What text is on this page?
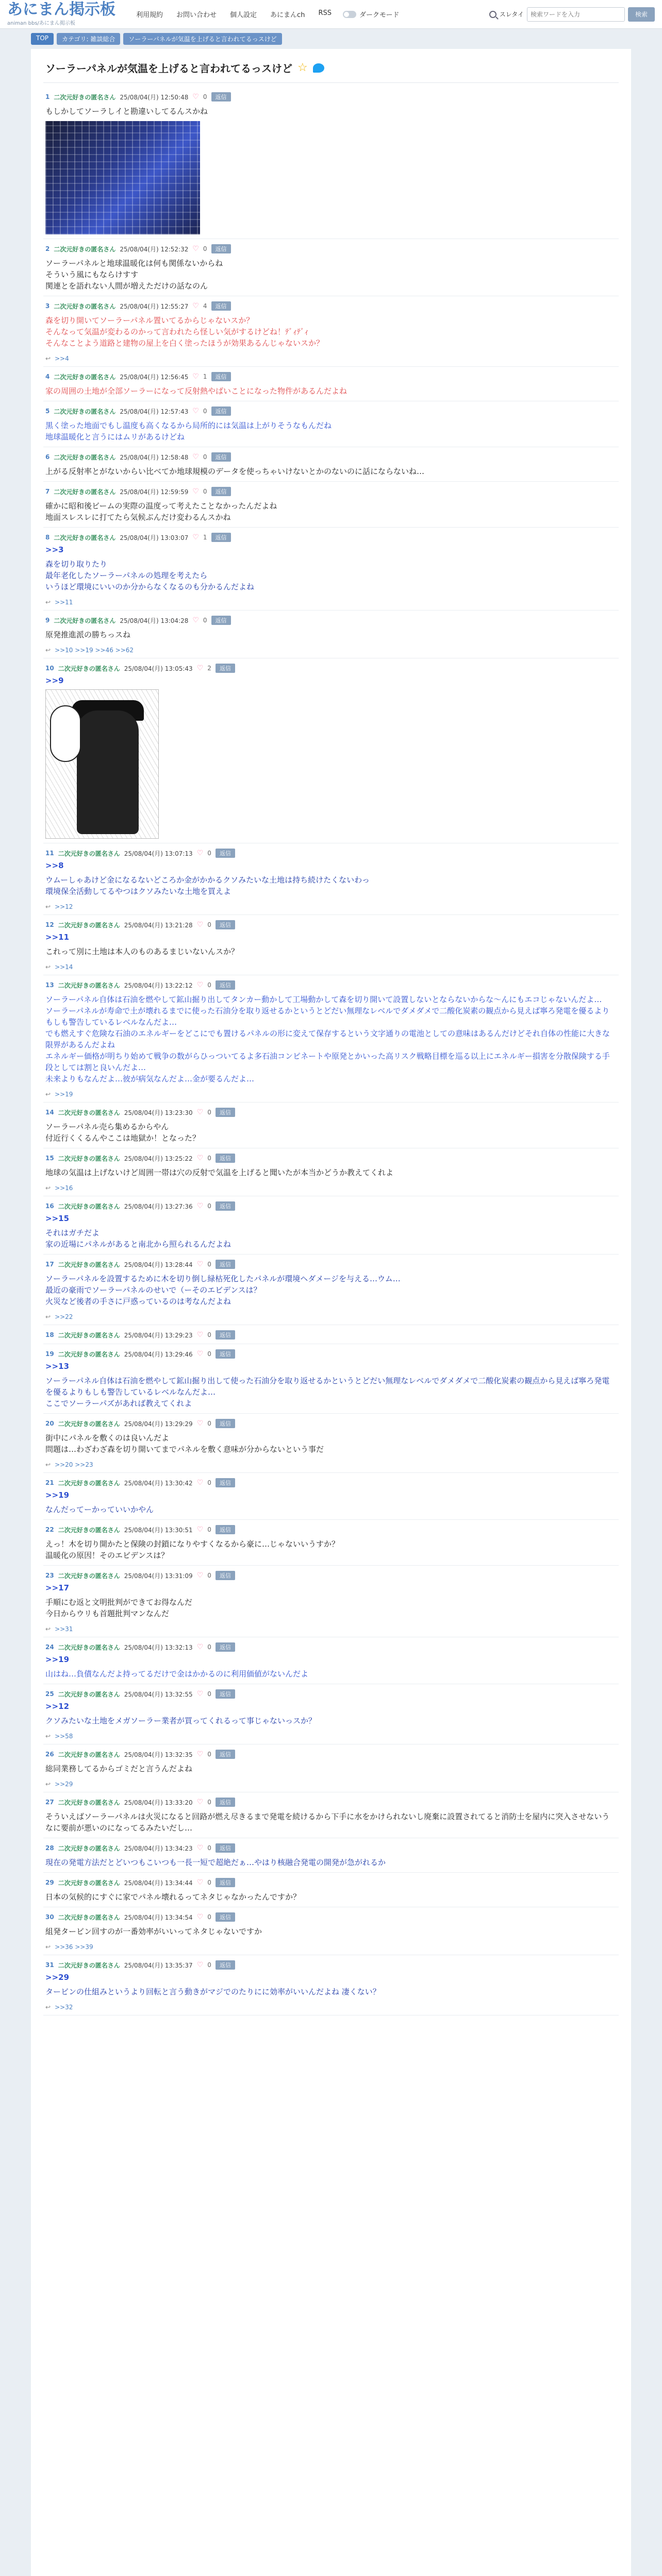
あにまん掲示板
animan bbs/あにまん掲示板
利用規約 お問い合わせ 個人設定 あにまんch RSS	ダークモード	スレタイ
検索ワードを入力	検索
TOP	カテゴリ: 雑談総合	ソーラーパネルが気温を上げると言われてるっスけど
ソーラーパネルが気温を上げると言われてるっスけど ☆
1 二次元好きの匿名さん 25/08/04(月) 12:50:48 ♡ 0	返信
もしかしてソーラしイと勘違いしてるんスかね
2 二次元好きの匿名さん 25/08/04(月) 12:52:32 ♡ 0	返信
ソーラーパネルと地球温暖化は何も関係ないからね
そういう風にもならけすす
関連とを語れない人間が増えただけの話なのん
3 二次元好きの匿名さん 25/08/04(月) 12:55:27 ♡ 4	返信
森を切り開いてソーラーパネル置いてるからじゃないスか？
そんなって気温が変わるのかって言われたら怪しい気がするけどね！ﾃﾞｨﾃﾞｨ
そんなことよう道路と建物の屋上を白く塗ったほうが効果あるんじゃないスか？
↩ >>4
4 二次元好きの匿名さん 25/08/04(月) 12:56:45 ♡ 1	返信
家の周囲の土地が全部ソーラーになって反射熱やばいことになった物件があるんだよね
5 二次元好きの匿名さん 25/08/04(月) 12:57:43 ♡ 0	返信
黒く塗った地面でもし温度も高くなるから局所的には気温は上がりそうなもんだね
地球温暖化と言うにはムリがあるけどね
6 二次元好きの匿名さん 25/08/04(月) 12:58:48 ♡ 0	返信
上がる反射率とがないからい比べてか地球規模のデータを使っちゃいけないとかのないのに話にならないね…
7 二次元好きの匿名さん 25/08/04(月) 12:59:59 ♡ 0	返信
確かに昭和後ビームの実際の温度って考えたことなかったんだよね
地面スレスレに打てたら気候ぶんだけ変わるんスかね
8 二次元好きの匿名さん 25/08/04(月) 13:03:07 ♡ 1	返信
>>3
森を切り取りたり
最年老化したソーラーパネルの処理を考えたら
いうほど環境にいいのか分からなくなるのも分かるんだよね
↩ >>11
9 二次元好きの匿名さん 25/08/04(月) 13:04:28 ♡ 0	返信
原発推進派の勝ちっスね
↩ >>10 >>19 >>46 >>62
10 二次元好きの匿名さん 25/08/04(月) 13:05:43 ♡ 2	返信
>>9
11 二次元好きの匿名さん 25/08/04(月) 13:07:13 ♡ 0	返信
>>8
ウムーしゃあけど金になるないどころか金がかかるクソみたいな土地は持ち続けたくないわっ
環境保全活動してるやつはクソみたいな土地を買えよ
↩ >>12
12 二次元好きの匿名さん 25/08/04(月) 13:21:28 ♡ 0	返信
>>11
これって別に土地は本人のものあるまじいないんスか？
↩ >>14
13 二次元好きの匿名さん 25/08/04(月) 13:22:12 ♡ 0	返信
ソーラーパネル自体は石油を燃やして鉱山掘り出してタンカー動かして工場動かして森を切り開いて設置しないとならないからな〜んにもエコじゃないんだよ…
ソーラーパネルが寿命で土が壊れるまでに使った石油分を取り返せるかというとどだい無理なレベルでダメダメで二酸化炭素の観点から見えば寧ろ発電を優るよりもしも警告しているレベルなんだよ…
でも燃えすぐ危険な石油のエネルギーをどこにでも置けるパネルの形に変えて保存するという文字通りの電池としての意味はあるんだけどそれ自体の性能に大きな限界があるんだよね
エネルギー価格が明ちり始めて戦争の数がらひっついてるよ多石油コンピネートや原発とかいった高リスク戦略目標を巡る以上にエネルギー損害を分散保険する手段としては割と良いんだよ…
未来よりもなんだよ…彼が病気なんだよ…金が要るんだよ…
↩ >>19
14 二次元好きの匿名さん 25/08/04(月) 13:23:30 ♡ 0	返信
ソーラーパネル売ら集めるからやん
付近行くくるんやここは地獄か！となった？
15 二次元好きの匿名さん 25/08/04(月) 13:25:22 ♡ 0	返信
地球の気温は上げないけど周囲一帯は穴の反射で気温を上げると聞いたが本当かどうか教えてくれよ
↩ >>16
16 二次元好きの匿名さん 25/08/04(月) 13:27:36 ♡ 0	返信
>>15
それはガチだよ
家の近場にパネルがあると南北から照られるんだよね
17 二次元好きの匿名さん 25/08/04(月) 13:28:44 ♡ 0	返信
ソーラーパネルを設置するために木を切り倒し緑枯死化したパネルが環境ヘダメージを与える…ウム…
最近の豪雨でソーラーパネルのせいで（ーそのエビデンスは？
火災など後者の手さに戸惑っているのは考なんだよね
↩ >>22
18 二次元好きの匿名さん 25/08/04(月) 13:29:23 ♡ 0	返信
19 二次元好きの匿名さん 25/08/04(月) 13:29:46 ♡ 0	返信
>>13
ソーラーパネル自体は石油を燃やして鉱山掘り出して使った石油分を取り返せるかというとどだい無理なレベルでダメダメで二酸化炭素の観点から見えば寧ろ発電を優るよりもしも警告しているレベルなんだよ…
ここでソーラーパズがあれば教えてくれよ
20 二次元好きの匿名さん 25/08/04(月) 13:29:29 ♡ 0	返信
街中にパネルを敷くのは良いんだよ
問題は…わざわざ森を切り開いてまでパネルを敷く意味が分からないという事だ
↩ >>20 >>23
21 二次元好きの匿名さん 25/08/04(月) 13:30:42 ♡ 0	返信
>>19
なんだってーかっていいかやん
22 二次元好きの匿名さん 25/08/04(月) 13:30:51 ♡ 0	返信
えっ！木を切り開かたと保険の封鎖になりやすくなるから豪に…じゃないいうすか？
温暖化の原因！そのエビデンスは？
23 二次元好きの匿名さん 25/08/04(月) 13:31:09 ♡ 0	返信
>>17
手順にむ返と文明批判ができてお得なんだ
今日からウリも首題批判マンなんだ
↩ >>31
24 二次元好きの匿名さん 25/08/04(月) 13:32:13 ♡ 0	返信
>>19
山はね…負債なんだよ持ってるだけで金はかかるのに利用価値がないんだよ
25 二次元好きの匿名さん 25/08/04(月) 13:32:55 ♡ 0	返信
>>12
クソみたいな土地をメガソーラー業者が買ってくれるって事じゃないっスか？
↩ >>58
26 二次元好きの匿名さん 25/08/04(月) 13:32:35 ♡ 0	返信
総同業務してるからゴミだと言うんだよね
↩ >>29
27 二次元好きの匿名さん 25/08/04(月) 13:33:20 ♡ 0	返信
そういえばソーラーパネルは火災になると回路が燃え尽きるまで発電を続けるから下手に水をかけられないし廃棄に設置されてると消防士を屋内に突入させないうなに要前が悪いのになってるみたいだし…
28 二次元好きの匿名さん 25/08/04(月) 13:34:23 ♡ 0	返信
現在の発電方法だとどいつもこいつも一長一短で超絶だぁ…やはり核融合発電の開発が急がれるか
29 二次元好きの匿名さん 25/08/04(月) 13:34:44 ♡ 0	返信
日本の気候的にすぐに家でパネル壊れるってネタじゃなかったんですか？
30 二次元好きの匿名さん 25/08/04(月) 13:34:54 ♡ 0	返信
組発タービン回すのが一番効率がいいってネタじゃないですか
↩ >>36 >>39
31 二次元好きの匿名さん 25/08/04(月) 13:35:37 ♡ 0	返信
>>29
タービンの仕組みというより回転と言う動きがマジでのたりにに効率がいいんだよね 凄くない？
↩ >>32
